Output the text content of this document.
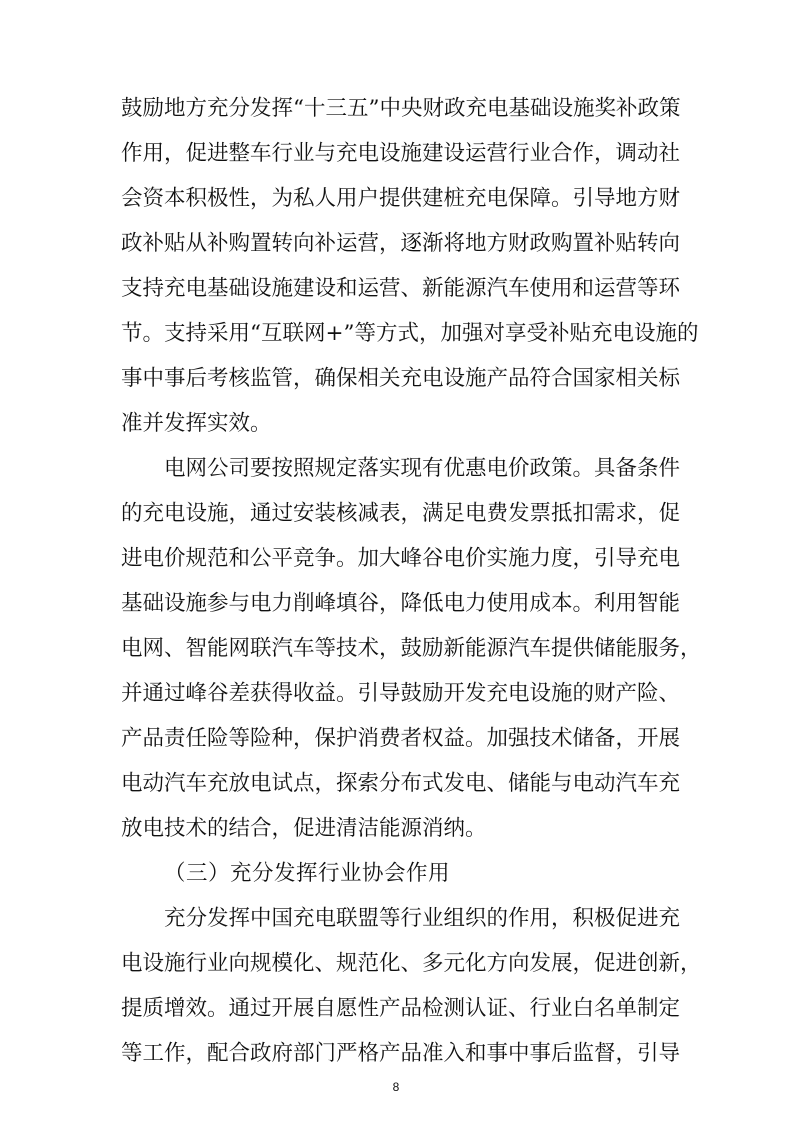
鼓励地方充分发挥“十三五”中央财政充电基础设施奖补政策
作用，促进整车行业与充电设施建设运营行业合作，调动社
会资本积极性，为私人用户提供建桩充电保障。引导地方财
政补贴从补购置转向补运营，逐渐将地方财政购置补贴转向
支持充电基础设施建设和运营、新能源汽车使用和运营等环
节。支持采用“互联网+”等方式，加强对享受补贴充电设施的
事中事后考核监管，确保相关充电设施产品符合国家相关标
准并发挥实效。
电网公司要按照规定落实现有优惠电价政策。具备条件
的充电设施，通过安装核减表，满足电费发票抵扣需求，促
进电价规范和公平竞争。加大峰谷电价实施力度，引导充电
基础设施参与电力削峰填谷，降低电力使用成本。利用智能
电网、智能网联汽车等技术，鼓励新能源汽车提供储能服务，
并通过峰谷差获得收益。引导鼓励开发充电设施的财产险、
产品责任险等险种，保护消费者权益。加强技术储备，开展
电动汽车充放电试点，探索分布式发电、储能与电动汽车充
放电技术的结合，促进清洁能源消纳。
（三）充分发挥行业协会作用
充分发挥中国充电联盟等行业组织的作用，积极促进充
电设施行业向规模化、规范化、多元化方向发展，促进创新，
提质增效。通过开展自愿性产品检测认证、行业白名单制定
等工作，配合政府部门严格产品准入和事中事后监督，引导
8
